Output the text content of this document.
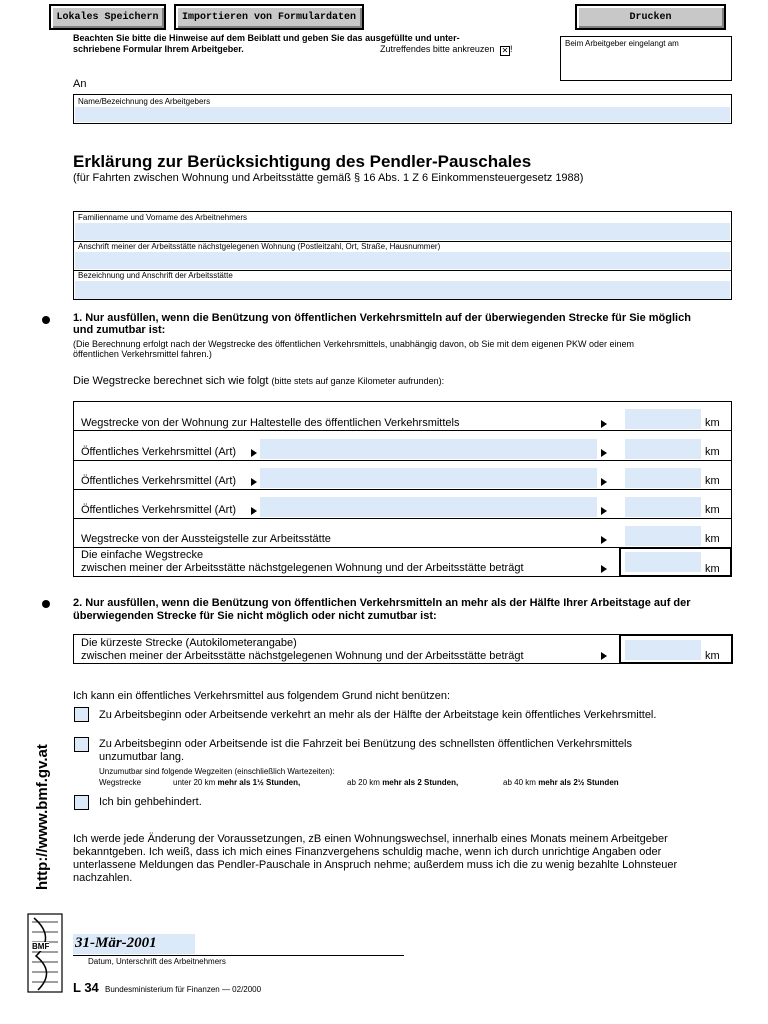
Lokales Speichern	Importieren von Formulardaten	Drucken
Beachten Sie bitte die Hinweise auf dem Beiblatt und geben Sie das ausgefüllte und unter-
schriebene Formular Ihrem Arbeitgeber.	Zutreffendes bitte ankreuzen ✕ !
Beim Arbeitgeber eingelangt am
An
Name/Bezeichnung des Arbeitgebers
Erklärung zur Berücksichtigung des Pendler-Pauschales
(für Fahrten zwischen Wohnung und Arbeitsstätte gemäß § 16 Abs. 1 Z 6 Einkommensteuergesetz 1988)
Familienname und Vorname des Arbeitnehmers
Anschrift meiner der Arbeitsstätte nächstgelegenen Wohnung (Postleitzahl, Ort, Straße, Hausnummer)
Bezeichnung und Anschrift der Arbeitsstätte
1. Nur ausfüllen, wenn die Benützung von öffentlichen Verkehrsmitteln auf der überwiegenden Strecke für Sie möglich
und zumutbar ist:
(Die Berechnung erfolgt nach der Wegstrecke des öffentlichen Verkehrsmittels, unabhängig davon, ob Sie mit dem eigenen PKW oder einem
öffentlichen Verkehrsmittel fahren.)
Die Wegstrecke berechnet sich wie folgt (bitte stets auf ganze Kilometer aufrunden):
Wegstrecke von der Wohnung zur Haltestelle des öffentlichen Verkehrsmittels	km
Öffentliches Verkehrsmittel (Art)	km
Öffentliches Verkehrsmittel (Art)	km
Öffentliches Verkehrsmittel (Art)	km
Wegstrecke von der Aussteigstelle zur Arbeitsstätte	km
Die einfache Wegstrecke
zwischen meiner der Arbeitsstätte nächstgelegenen Wohnung und der Arbeitsstätte beträgt	km
2. Nur ausfüllen, wenn die Benützung von öffentlichen Verkehrsmitteln an mehr als der Hälfte Ihrer Arbeitstage auf der
überwiegenden Strecke für Sie nicht möglich oder nicht zumutbar ist:
Die kürzeste Strecke (Autokilometerangabe)
zwischen meiner der Arbeitsstätte nächstgelegenen Wohnung und der Arbeitsstätte beträgt	km
Ich kann ein öffentliches Verkehrsmittel aus folgendem Grund nicht benützen:
Zu Arbeitsbeginn oder Arbeitsende verkehrt an mehr als der Hälfte der Arbeitstage kein öffentliches Verkehrsmittel.
Zu Arbeitsbeginn oder Arbeitsende ist die Fahrzeit bei Benützung des schnellsten öffentlichen Verkehrsmittels
unzumutbar lang.
Unzumutbar sind folgende Wegzeiten (einschließlich Wartezeiten):
Wegstrecke	unter 20 km mehr als 1½ Stunden,	ab 20 km mehr als 2 Stunden,	ab 40 km mehr als 2½ Stunden
Ich bin gehbehindert.
Ich werde jede Änderung der Voraussetzungen, zB einen Wohnungswechsel, innerhalb eines Monats meinem Arbeitgeber
bekanntgeben. Ich weiß, dass ich mich eines Finanzvergehens schuldig mache, wenn ich durch unrichtige Angaben oder
unterlassene Meldungen das Pendler-Pauschale in Anspruch nehme; außerdem muss ich die zu wenig bezahlte Lohnsteuer
nachzahlen.
http://www.bmf.gv.at
BMF 31-Mär-2001
Datum, Unterschrift des Arbeitnehmers
L 34 Bundesministerium für Finanzen — 02/2000
